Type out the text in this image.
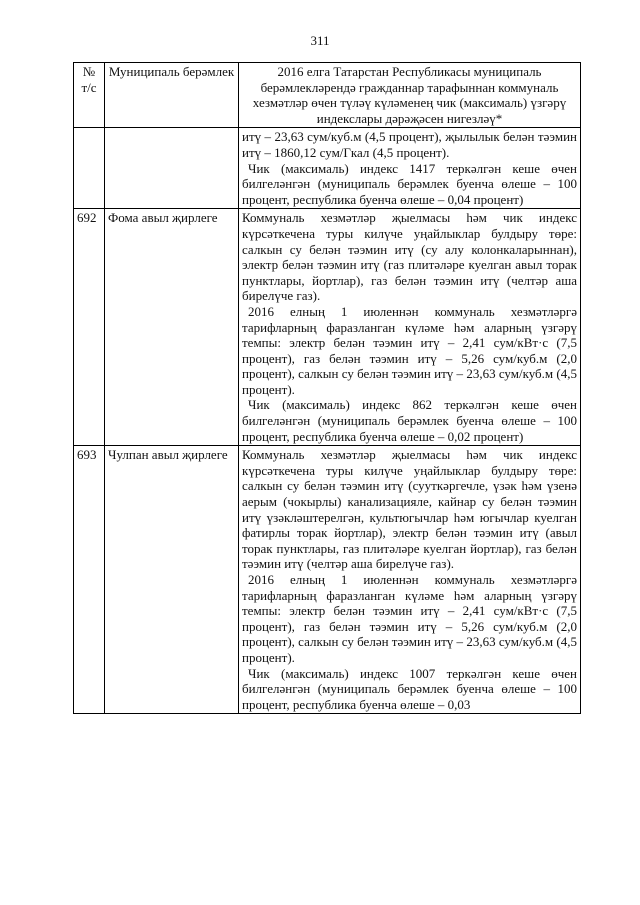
311
№ т/с	Муниципаль берәмлек	2016 елга Татарстан Республикасы муниципаль берәмлекләрендә гражданнар тарафыннан коммуналь хезмәтләр өчен түләү күләменең чик (максималь) үзгәрү индекслары дәрәҗәсен нигезләү*

		итү – 23,63 сум/куб.м (4,5 процент), җылылык белән тәэмин итү – 1860,12 сум/Гкал (4,5 процент).

Чик (максималь) индекс 1417 теркәлгән кеше өчен билгеләнгән (муниципаль берәмлек буенча өлеше – 100 процент, республика буенча өлеше – 0,04 процент)

692	Фома авыл җирлеге	Коммуналь хезмәтләр җыелмасы һәм чик индекс күрсәткечена туры килүче уңайлыклар булдыру төре: салкын су белән тәэмин итү (су алу колонкаларыннан), электр белән тәэмин итү (газ плитәләре куелган авыл торак пунктлары, йортлар), газ белән тәэмин итү (челтәр аша бирелүче газ).

2016 елның 1 июленнән коммуналь хезмәтләргә тарифларның фаразланган күләме һәм аларның үзгәрү темпы: электр белән тәэмин итү – 2,41 сум/кВт·с (7,5 процент), газ белән тәэмин итү – 5,26 сум/куб.м (2,0 процент), салкын су белән тәэмин итү – 23,63 сум/куб.м (4,5 процент).

Чик (максималь) индекс 862 теркәлгән кеше өчен билгеләнгән (муниципаль берәмлек буенча өлеше – 100 процент, республика буенча өлеше – 0,02 процент)

693	Чулпан авыл җирлеге	Коммуналь хезмәтләр җыелмасы һәм чик индекс күрсәткечена туры килүче уңайлыклар булдыру төре: салкын су белән тәэмин итү (сууткәргечле, үзәк һәм үзенә аерым (чокырлы) канализацияле, кайнар су белән тәэмин итү үзәкләштерелгән, культюгычлар һәм югычлар куелган фатирлы торак йортлар), электр белән тәэмин итү (авыл торак пунктлары, газ плитәләре куелган йортлар), газ белән тәэмин итү (челтәр аша бирелүче газ).

2016 елның 1 июленнән коммуналь хезмәтләргә тарифларның фаразланган күләме һәм аларның үзгәрү темпы: электр белән тәэмин итү – 2,41 сум/кВт·с (7,5 процент), газ белән тәэмин итү – 5,26 сум/куб.м (2,0 процент), салкын су белән тәэмин итү – 23,63 сум/куб.м (4,5 процент).

Чик (максималь) индекс 1007 теркәлгән кеше өчен билгеләнгән (муниципаль берәмлек буенча өлеше – 100 процент, республика буенча өлеше – 0,03
